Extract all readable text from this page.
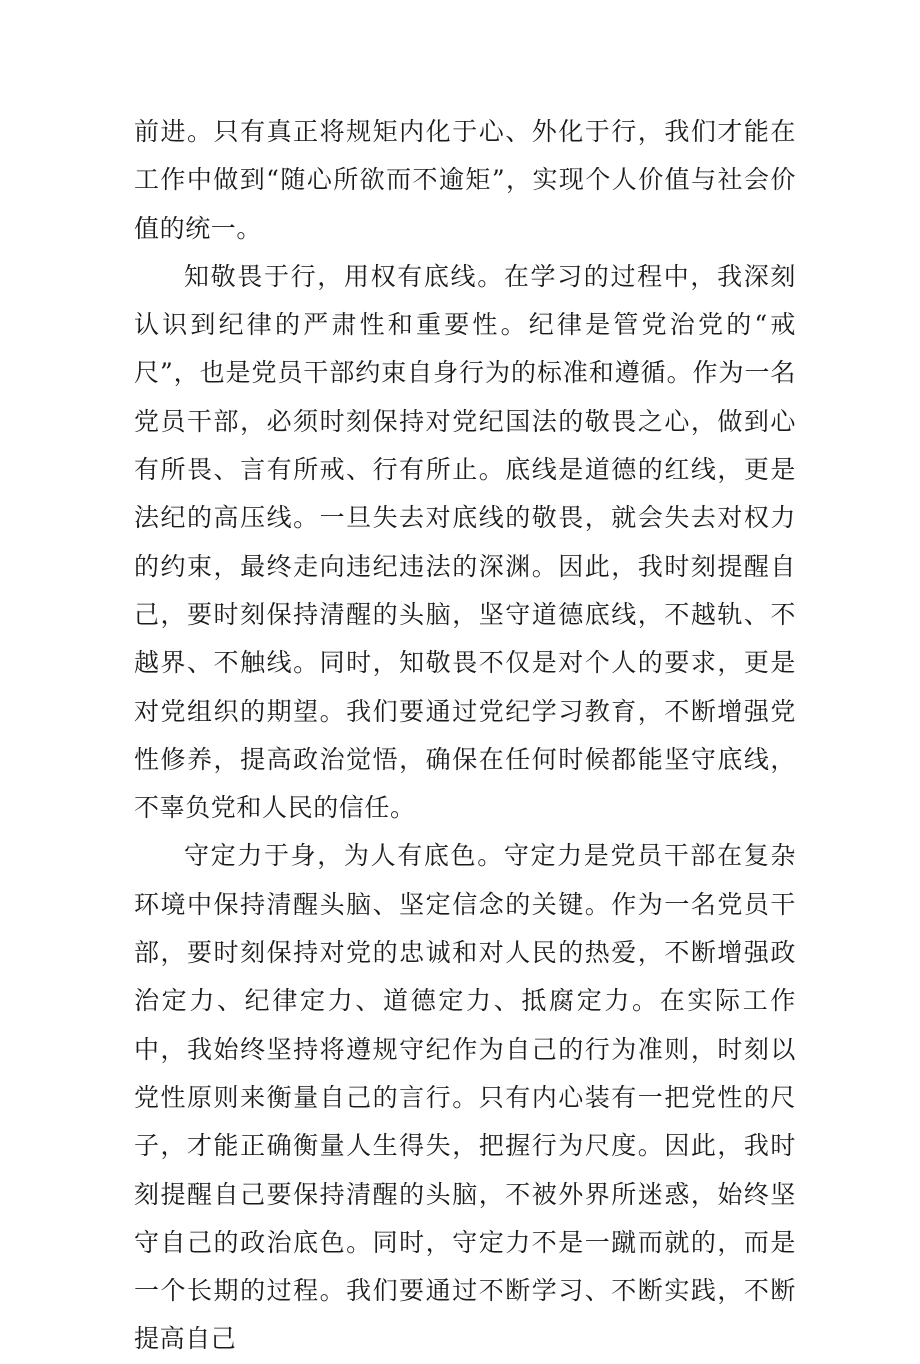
前进。只有真正将规矩内化于心、外化于行，我们才能在工作中做到“随心所欲而不逾矩”，实现个人价值与社会价值的统一。

知敬畏于行，用权有底线。在学习的过程中，我深刻认识到纪律的严肃性和重要性。纪律是管党治党的“戒尺”，也是党员干部约束自身行为的标准和遵循。作为一名党员干部，必须时刻保持对党纪国法的敬畏之心，做到心有所畏、言有所戒、行有所止。底线是道德的红线，更是法纪的高压线。一旦失去对底线的敬畏，就会失去对权力的约束，最终走向违纪违法的深渊。因此，我时刻提醒自己，要时刻保持清醒的头脑，坚守道德底线，不越轨、不越界、不触线。同时，知敬畏不仅是对个人的要求，更是对党组织的期望。我们要通过党纪学习教育，不断增强党性修养，提高政治觉悟，确保在任何时候都能坚守底线，不辜负党和人民的信任。

守定力于身，为人有底色。守定力是党员干部在复杂环境中保持清醒头脑、坚定信念的关键。作为一名党员干部，要时刻保持对党的忠诚和对人民的热爱，不断增强政治定力、纪律定力、道德定力、抵腐定力。在实际工作中，我始终坚持将遵规守纪作为自己的行为准则，时刻以党性原则来衡量自己的言行。只有内心装有一把党性的尺子，才能正确衡量人生得失，把握行为尺度。因此，我时刻提醒自己要保持清醒的头脑，不被外界所迷惑，始终坚守自己的政治底色。同时，守定力不是一蹴而就的，而是一个长期的过程。我们要通过不断学习、不断实践，不断提高自己
